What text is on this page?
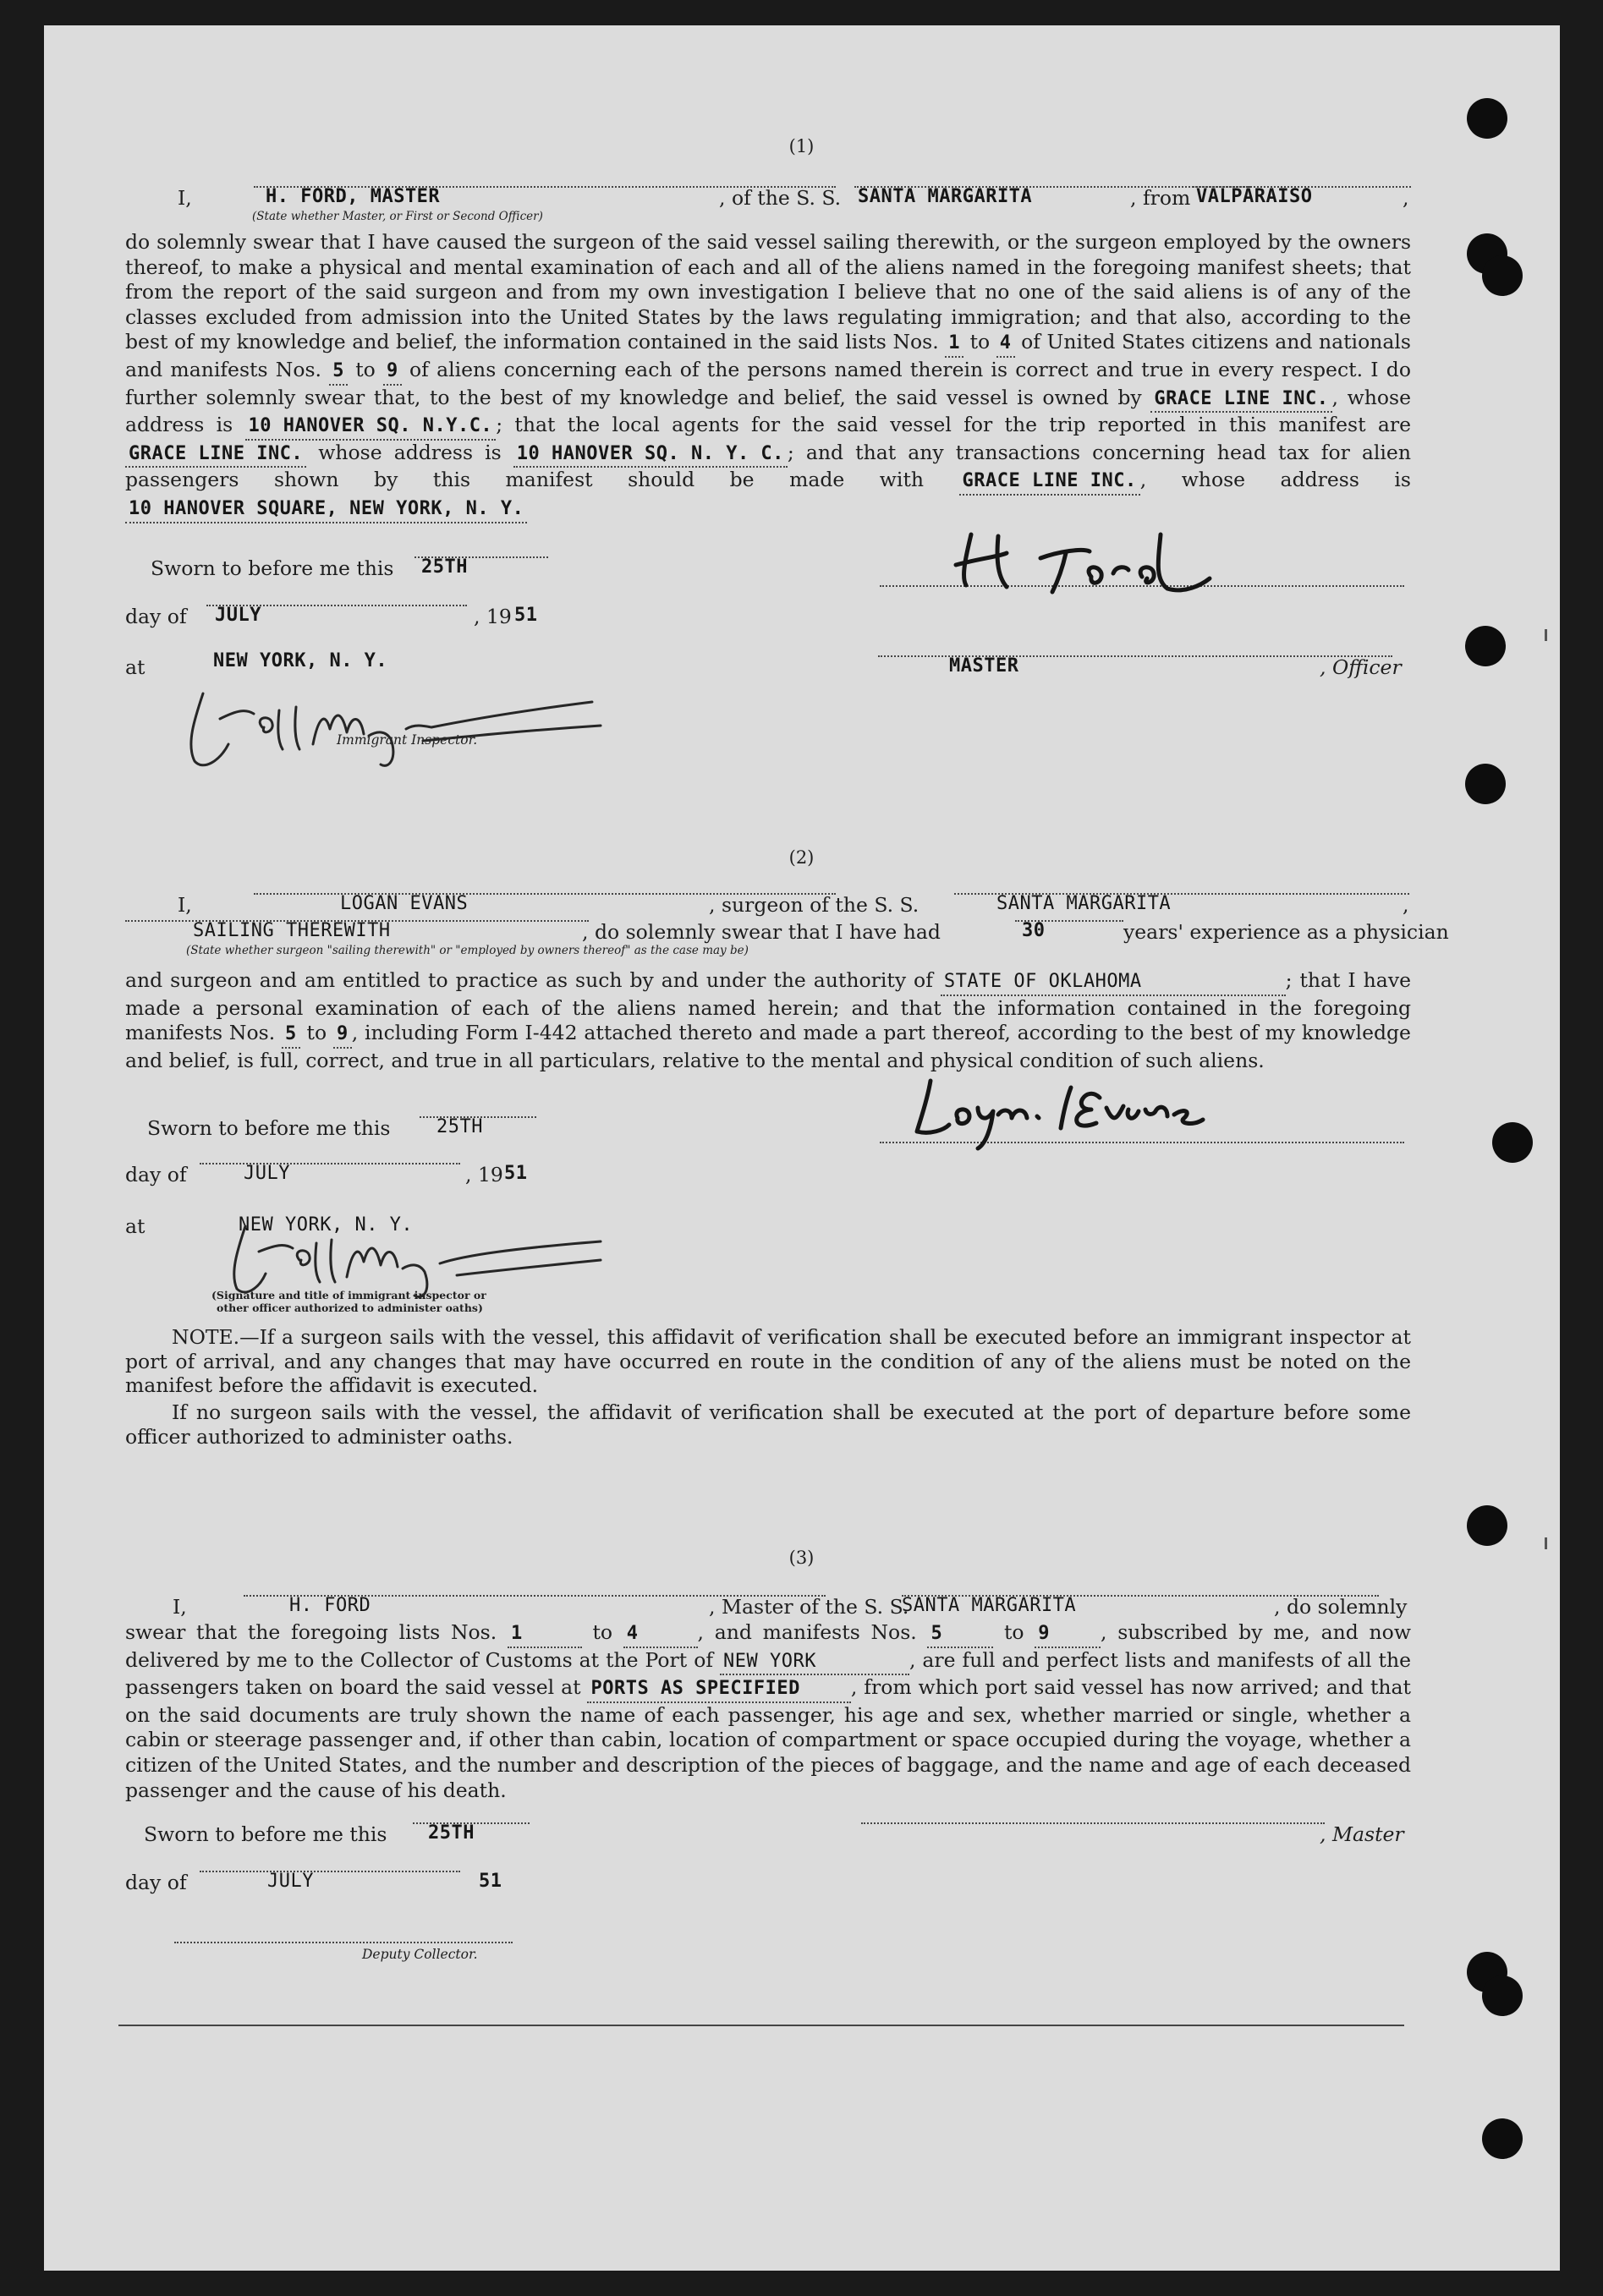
(1)
I,	H. FORD, MASTER	, of the S. S. SANTA MARGARITA	, from VALPARAISO	,
(State whether Master, or First or Second Officer)
do solemnly swear that I have caused the surgeon of the said vessel sailing therewith, or the surgeon employed by the owners thereof, to make a physical and mental examination of each and all of the aliens named in the foregoing manifest sheets; that from the report of the said surgeon and from my own investigation I believe that no one of the said aliens is of any of the classes excluded from admission into the United States by the laws regulating immigration; and that also, according to the best of my knowledge and belief, the information contained in the said lists Nos. 1 to 4 of United States citizens and nationals and manifests Nos. 5 to 9 of aliens concerning each of the persons named therein is correct and true in every respect. I do further solemnly swear that, to the best of my knowledge and belief, the said vessel is owned by GRACE LINE INC. , whose address is 10 HANOVER SQ. N.Y.C. ; that the local agents for the said vessel for the trip reported in this manifest are GRACE LINE INC. whose address is 10 HANOVER SQ. N. Y. C. ; and that any transactions concerning head tax for alien passengers shown by this manifest should be made with GRACE LINE INC. , whose address is 10 HANOVER SQUARE, NEW YORK, N. Y.
Sworn to before me this 25TH
day of JULY	, 19 51
MASTER	, Officer
at	NEW YORK, N. Y.
Immigrant Inspector.
(2)
I,	LOGAN EVANS	, surgeon of the S. S.	SANTA MARGARITA	,
SAILING THEREWITH	, do solemnly swear that I have had	30	years' experience as a physician
(State whether surgeon "sailing therewith" or "employed by owners thereof" as the case may be)
and surgeon and am entitled to practice as such by and under the authority of STATE OF OKLAHOMA	; that I have made a personal examination of each of the aliens named herein; and that the information contained in the foregoing manifests Nos. 5 to 9 , including Form I-442 attached thereto and made a part thereof, according to the best of my knowledge and belief, is full, correct, and true in all particulars, relative to the mental and physical condition of such aliens.
Sworn to before me this 25TH
day of	JULY	, 19 51
at	NEW YORK, N. Y.
(Signature and title of immigrant inspector or
other officer authorized to administer oaths)
NOTE.—If a surgeon sails with the vessel, this affidavit of verification shall be executed before an immigrant inspector at port of arrival, and any changes that may have occurred en route in the condition of any of the aliens must be noted on the manifest before the affidavit is executed.
If no surgeon sails with the vessel, the affidavit of verification shall be executed at the port of departure before some officer authorized to administer oaths.
(3)
I,	H. FORD	, Master of the S. S.
SANTA MARGARITA	, do solemnly
swear that the foregoing lists Nos. 1	to 4	, and manifests Nos. 5	to 9	, subscribed by me, and now delivered by me to the Collector of Customs at the Port of NEW YORK	, are full and perfect lists and manifests of all the passengers taken on board the said vessel at PORTS AS SPECIFIED	, from which port said vessel has now arrived; and that on the said documents are truly shown the name of each passenger, his age and sex, whether married or single, whether a cabin or steerage passenger and, if other than cabin, location of compartment or space occupied during the voyage, whether a citizen of the United States, and the number and description of the pieces of baggage, and the name and age of each deceased passenger and the cause of his death.
Sworn to before me this 25TH	, Master
day of	JULY	51
Deputy Collector.
